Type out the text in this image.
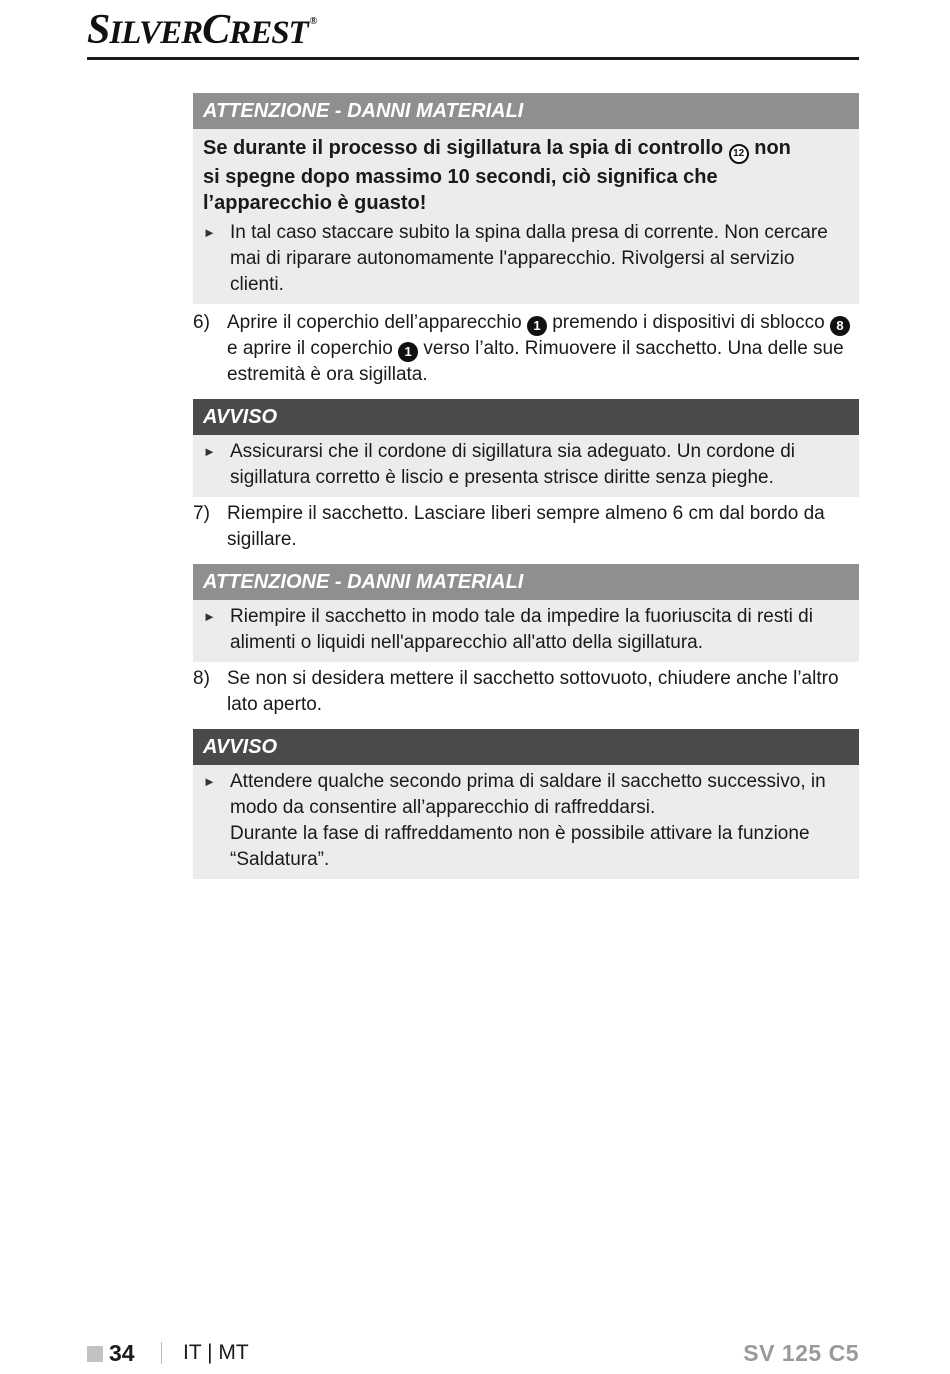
SILVERCREST ®
ATTENZIONE - DANNI MATERIALI
Se durante il processo di sigillatura la spia di controllo 12 non si spegne dopo massimo 10 secondi, ciò significa che l’apparecchio è guasto!
► In tal caso staccare subito la spina dalla presa di corrente. Non cercare mai di riparare autonomamente l'apparecchio. Rivolgersi al servizio clienti.
6) Aprire il coperchio dell’apparecchio 1 premendo i dispositivi di sblocco 8 e aprire il coperchio 1 verso l’alto. Rimuovere il sacchetto. Una delle sue estremità è ora sigillata.
AVVISO
► Assicurarsi che il cordone di sigillatura sia adeguato. Un cordone di sigillatura corretto è liscio e presenta strisce diritte senza pieghe.
7) Riempire il sacchetto. Lasciare liberi sempre almeno 6 cm dal bordo da sigillare.
ATTENZIONE - DANNI MATERIALI
► Riempire il sacchetto in modo tale da impedire la fuoriuscita di resti di alimenti o liquidi nell'apparecchio all'atto della sigillatura.
8) Se non si desidera mettere il sacchetto sottovuoto, chiudere anche l’altro lato aperto.
AVVISO
► Attendere qualche secondo prima di saldare il sacchetto successivo, in modo da consentire all’apparecchio di raffreddarsi.
Durante la fase di raffreddamento non è possibile attivare la funzione “Saldatura”.
34 IT | MT	SV 125 C5
